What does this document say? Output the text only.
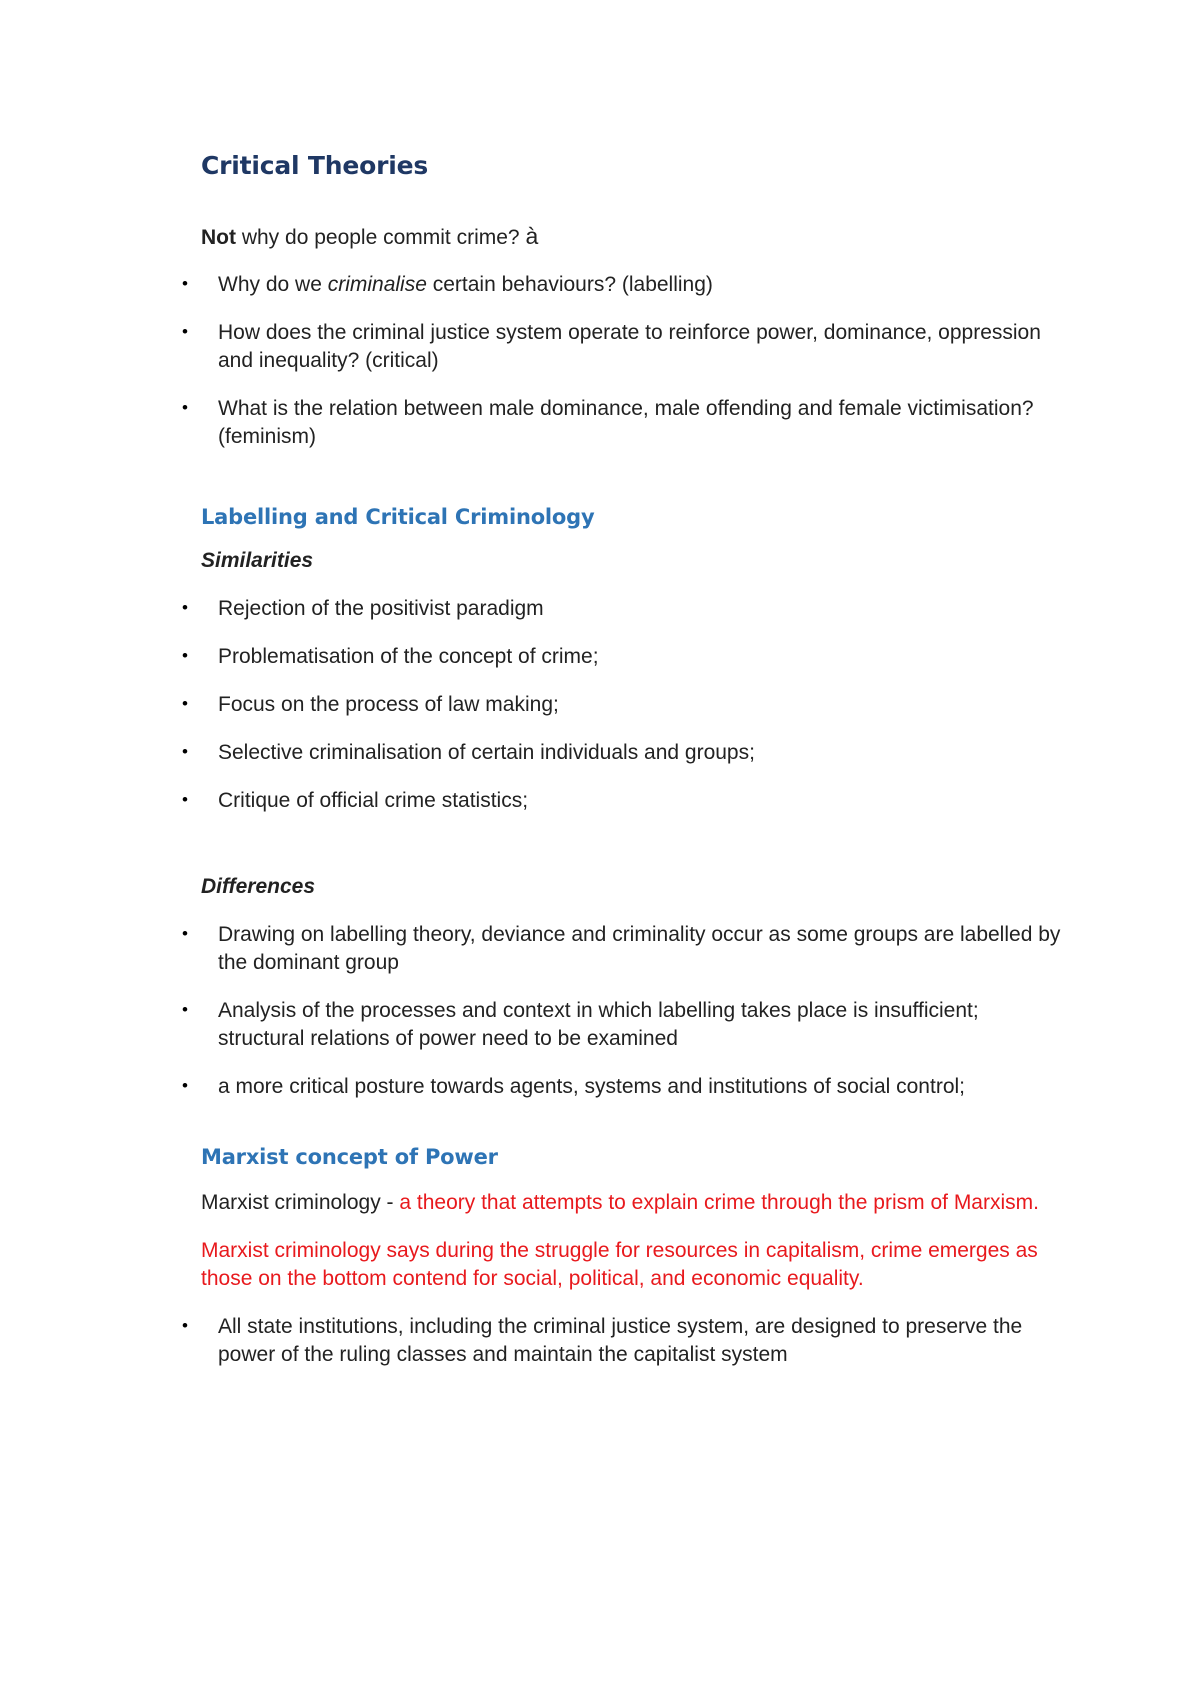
Critical Theories

Not why do people commit crime? à

• Why do we criminalise certain behaviours? (labelling)
• How does the criminal justice system operate to reinforce power, dominance, oppression and inequality? (critical)
• What is the relation between male dominance, male offending and female victimisation? (feminism)
Labelling and Critical Criminology

Similarities

• Rejection of the positivist paradigm
• Problematisation of the concept of crime;
• Focus on the process of law making;
• Selective criminalisation of certain individuals and groups;
• Critique of official crime statistics;

Differences

• Drawing on labelling theory, deviance and criminality occur as some groups are labelled by the dominant group
• Analysis of the processes and context in which labelling takes place is insufficient; structural relations of power need to be examined
• a more critical posture towards agents, systems and institutions of social control;
Marxist concept of Power

Marxist criminology - a theory that attempts to explain crime through the prism of Marxism.

Marxist criminology says during the struggle for resources in capitalism, crime emerges as those on the bottom contend for social, political, and economic equality.

• All state institutions, including the criminal justice system, are designed to preserve the power of the ruling classes and maintain the capitalist system
